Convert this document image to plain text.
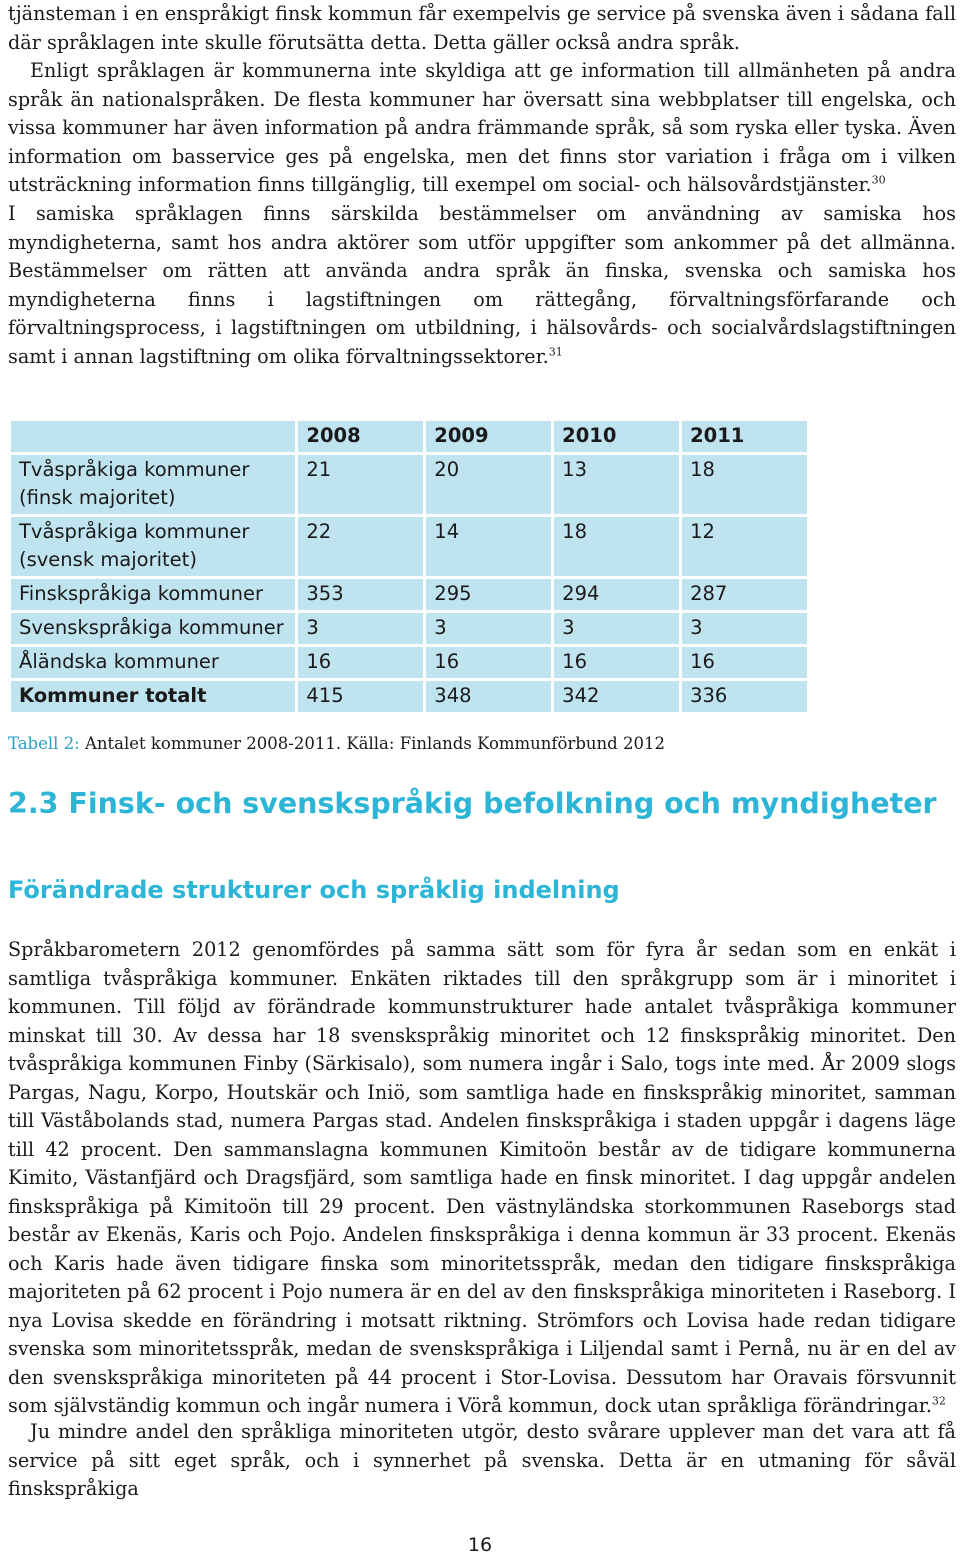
tjänsteman i en enspråkigt finsk kommun får exempelvis ge service på svenska även i sådana fall där språklagen inte skulle förutsätta detta. Detta gäller också andra språk.
Enligt språklagen är kommunerna inte skyldiga att ge information till allmänheten på andra språk än nationalspråken. De flesta kommuner har översatt sina webbplatser till engelska, och vissa kommuner har även information på andra främmande språk, så som ryska eller tyska. Även information om basservice ges på engelska, men det finns stor variation i fråga om i vilken utsträckning information finns tillgänglig, till exempel om social- och hälsovårdstjänster.$^{30}$

I samiska språklagen finns särskilda bestämmelser om användning av samiska hos myndigheterna, samt hos andra aktörer som utför uppgifter som ankommer på det allmänna. Bestämmelser om rätten att använda andra språk än finska, svenska och samiska hos myndigheterna finns i lagstiftningen om rättegång, förvaltningsförfarande och förvaltningsprocess, i lagstiftningen om utbildning, i hälsovårds- och socialvårdslagstiftningen samt i annan lagstiftning om olika förvaltningssektorer.$^{31}$

	2008	2009	2010	2011
Tvåspråkiga kommuner (finsk majoritet)	21	20	13	18
Tvåspråkiga kommuner (svensk majoritet)	22	14	18	12
Finskspråkiga kommuner	353	295	294	287
Svenskspråkiga kommuner	3	3	3	3
Åländska kommuner	16	16	16	16
Kommuner totalt	415	348	342	336
Tabell 2: Antalet kommuner 2008-2011. Källa: Finlands Kommunförbund 2012
2.3 Finsk- och svenskspråkig befolkning och myndigheter
Förändrade strukturer och språklig indelning

Språkbarometern 2012 genomfördes på samma sätt som för fyra år sedan som en enkät i samtliga tvåspråkiga kommuner. Enkäten riktades till den språkgrupp som är i minoritet i kommunen. Till följd av förändrade kommunstrukturer hade antalet tvåspråkiga kommuner minskat till 30. Av dessa har 18 svenskspråkig minoritet och 12 finskspråkig minoritet. Den tvåspråkiga kommunen Finby (Särkisalo), som numera ingår i Salo, togs inte med. År 2009 slogs Pargas, Nagu, Korpo, Houtskär och Iniö, som samtliga hade en finskspråkig minoritet, samman till Väståbolands stad, numera Pargas stad. Andelen finskspråkiga i staden uppgår i dagens läge till 42 procent. Den sammanslagna kommunen Kimitoön består av de tidigare kommunerna Kimito, Västanfjärd och Dragsfjärd, som samtliga hade en finsk minoritet. I dag uppgår andelen finskspråkiga på Kimitoön till 29 procent. Den västnyländska storkommunen Raseborgs stad består av Ekenäs, Karis och Pojo. Andelen finskspråkiga i denna kommun är 33 procent. Ekenäs och Karis hade även tidigare finska som minoritetsspråk, medan den tidigare finskspråkiga majoriteten på 62 procent i Pojo numera är en del av den finskspråkiga minoriteten i Raseborg. I nya Lovisa skedde en förändring i motsatt riktning. Strömfors och Lovisa hade redan tidigare svenska som minoritetsspråk, medan de svenskspråkiga i Liljendal samt i Pernå, nu är en del av den svenskspråkiga minoriteten på 44 procent i Stor-Lovisa. Dessutom har Oravais försvunnit som självständig kommun och ingår numera i Vörå kommun, dock utan språkliga förändringar.$^{32}$

Ju mindre andel den språkliga minoriteten utgör, desto svårare upplever man det vara att få service på sitt eget språk, och i synnerhet på svenska. Detta är en utmaning för såväl finskspråkiga

16
